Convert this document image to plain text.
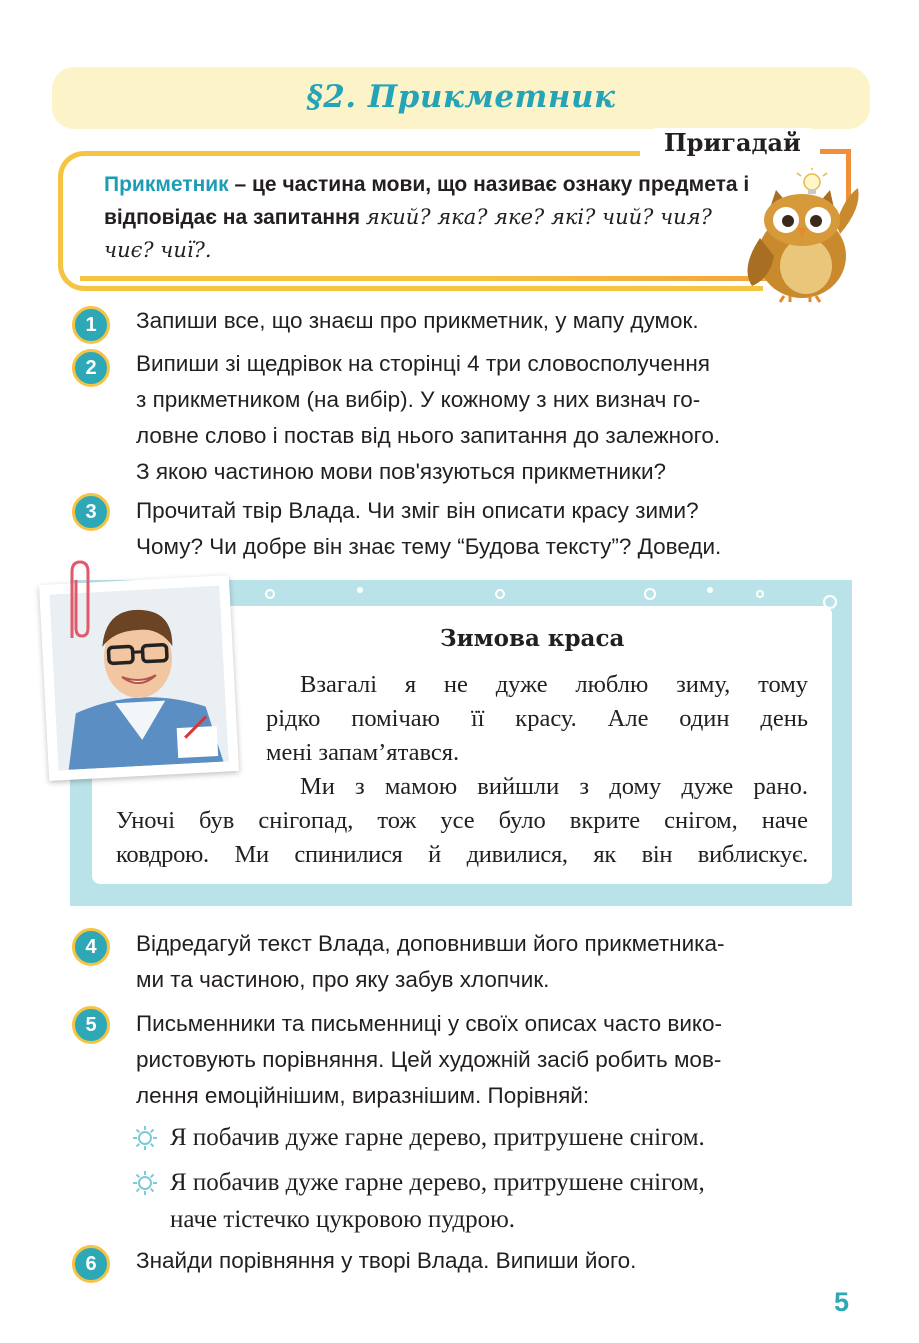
§2. Прикметник
Пригадай
Прикметник – це частина мови, що називає ознаку предмета і відповідає на запитання який? яка? яке? які? чий? чия? чиє? чиї?.
1	Запиши все, що знаєш про прикметник, у мапу думок.
2	Випиши зі щедрівок на сторінці 4 три словосполучення
з прикметником (на вибір). У кожному з них визнач го-
ловне слово і постав від нього запитання до залежного.
З якою частиною мови пов'язуються прикметники?
3	Прочитай твір Влада. Чи зміг він описати красу зими?
Чому? Чи добре він знає тему “Будова тексту”? Доведи.
Зимова краса
Взагалі я не дуже люблю зиму, тому
рідко помічаю її красу. Але один день
мені запам’ятався.
Ми з мамою вийшли з дому дуже рано.
Уночі був снігопад, тож усе було вкрите снігом, наче
ковдрою. Ми спинилися й дивилися, як він виблискує.
4	Відредагуй текст Влада, доповнивши його прикметника-
ми та частиною, про яку забув хлопчик.
5	Письменники та письменниці у своїх описах часто вико-
ристовують порівняння. Цей художній засіб робить мов-
лення емоційнішим, виразнішим. Порівняй:
Я побачив дуже гарне дерево, притрушене снігом.
Я побачив дуже гарне дерево, притрушене снігом,
наче тістечко цукровою пудрою.
6	Знайди порівняння у творі Влада. Випиши його.
5
